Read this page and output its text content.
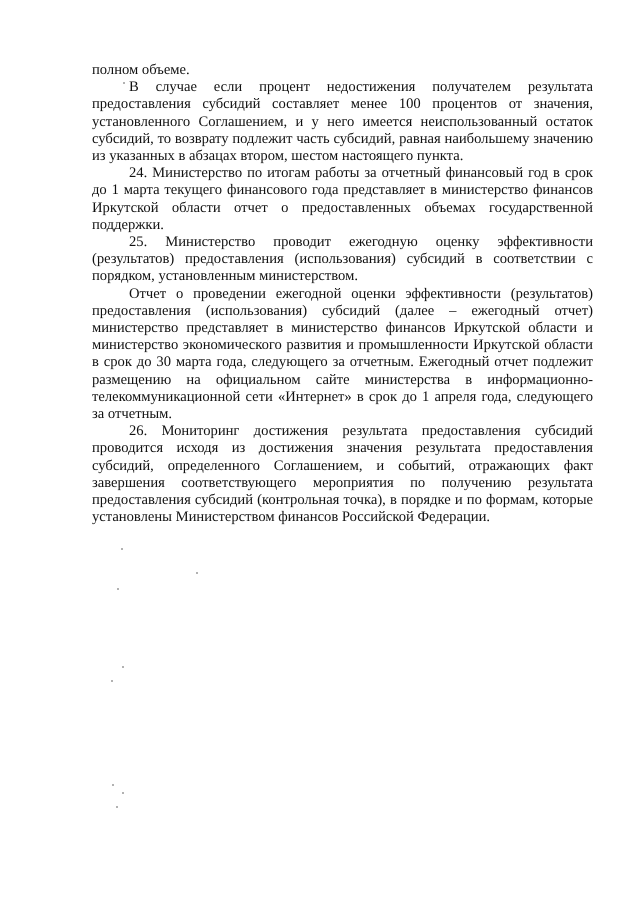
полном объеме.

В случае если процент недостижения получателем результата предоставления субсидий составляет менее 100 процентов от значения, установленного Соглашением, и у него имеется неиспользованный остаток субсидий, то возврату подлежит часть субсидий, равная наибольшему значению из указанных в абзацах втором, шестом настоящего пункта.

24. Министерство по итогам работы за отчетный финансовый год в срок до 1 марта текущего финансового года представляет в министерство финансов Иркутской области отчет о предоставленных объемах государственной поддержки.

25. Министерство проводит ежегодную оценку эффективности (результатов) предоставления (использования) субсидий в соответствии с порядком, установленным министерством.

Отчет о проведении ежегодной оценки эффективности (результатов) предоставления (использования) субсидий (далее – ежегодный отчет) министерство представляет в министерство финансов Иркутской области и министерство экономического развития и промышленности Иркутской области в срок до 30 марта года, следующего за отчетным. Ежегодный отчет подлежит размещению на официальном сайте министерства в информационно-телекоммуникационной сети «Интернет» в срок до 1 апреля года, следующего за отчетным.

26. Мониторинг достижения результата предоставления субсидий проводится исходя из достижения значения результата предоставления субсидий, определенного Соглашением, и событий, отражающих факт завершения соответствующего мероприятия по получению результата предоставления субсидий (контрольная точка), в порядке и по формам, которые установлены Министерством финансов Российской Федерации.
